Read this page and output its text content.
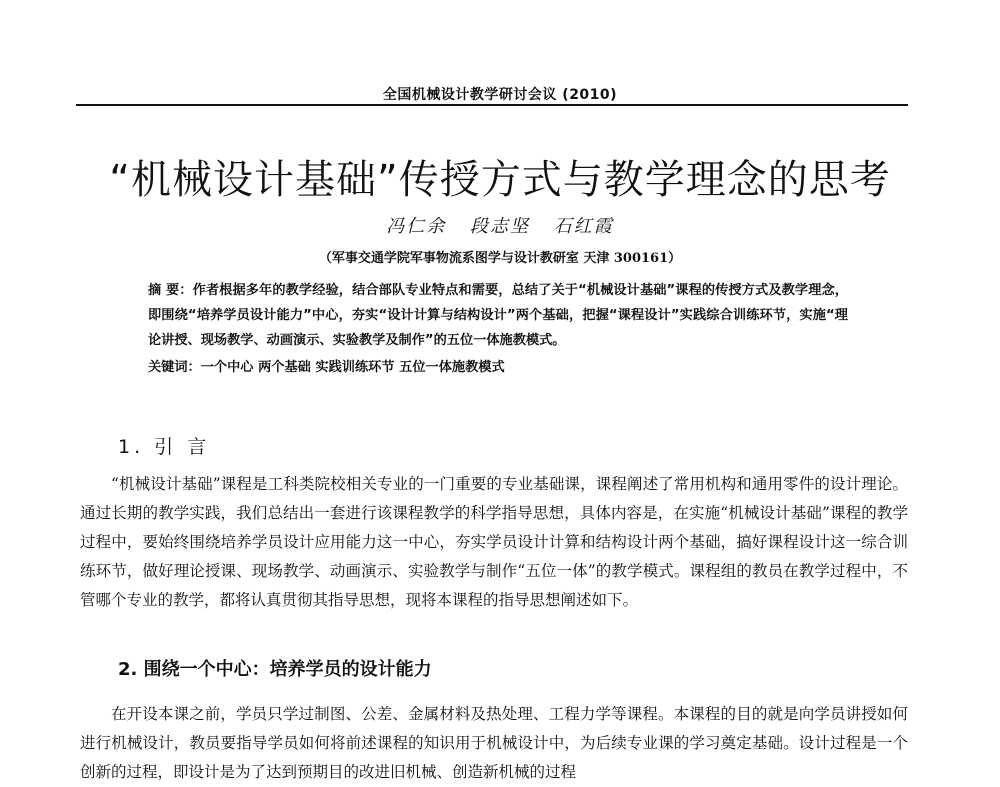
全国机械设计教学研讨会议 (2010)
“机械设计基础”传授方式与教学理念的思考
冯仁余 段志坚 石红霞
（军事交通学院军事物流系图学与设计教研室 天津 300161）

摘 要：作者根据多年的教学经验，结合部队专业特点和需要，总结了关于“机械设计基础”课程的传授方式及教学理念，即围绕“培养学员设计能力”中心，夯实“设计计算与结构设计”两个基础，把握“课程设计”实践综合训练环节，实施“理论讲授、现场教学、动画演示、实验教学及制作”的五位一体施教模式。

关键词：一个中心 两个基础 实践训练环节 五位一体施教模式

1. 引 言
“机械设计基础”课程是工科类院校相关专业的一门重要的专业基础课，课程阐述了常用机构和通用零件的设计理论。通过长期的教学实践，我们总结出一套进行该课程教学的科学指导思想，具体内容是，在实施“机械设计基础”课程的教学过程中，要始终围绕培养学员设计应用能力这一中心，夯实学员设计计算和结构设计两个基础，搞好课程设计这一综合训练环节，做好理论授课、现场教学、动画演示、实验教学与制作“五位一体”的教学模式。课程组的教员在教学过程中，不管哪个专业的教学，都将认真贯彻其指导思想，现将本课程的指导思想阐述如下。
2. 围绕一个中心：培养学员的设计能力
在开设本课之前，学员只学过制图、公差、金属材料及热处理、工程力学等课程。本课程的目的就是向学员讲授如何进行机械设计，教员要指导学员如何将前述课程的知识用于机械设计中，为后续专业课的学习奠定基础。设计过程是一个创新的过程，即设计是为了达到预期目的改进旧机械、创造新机械的过程
